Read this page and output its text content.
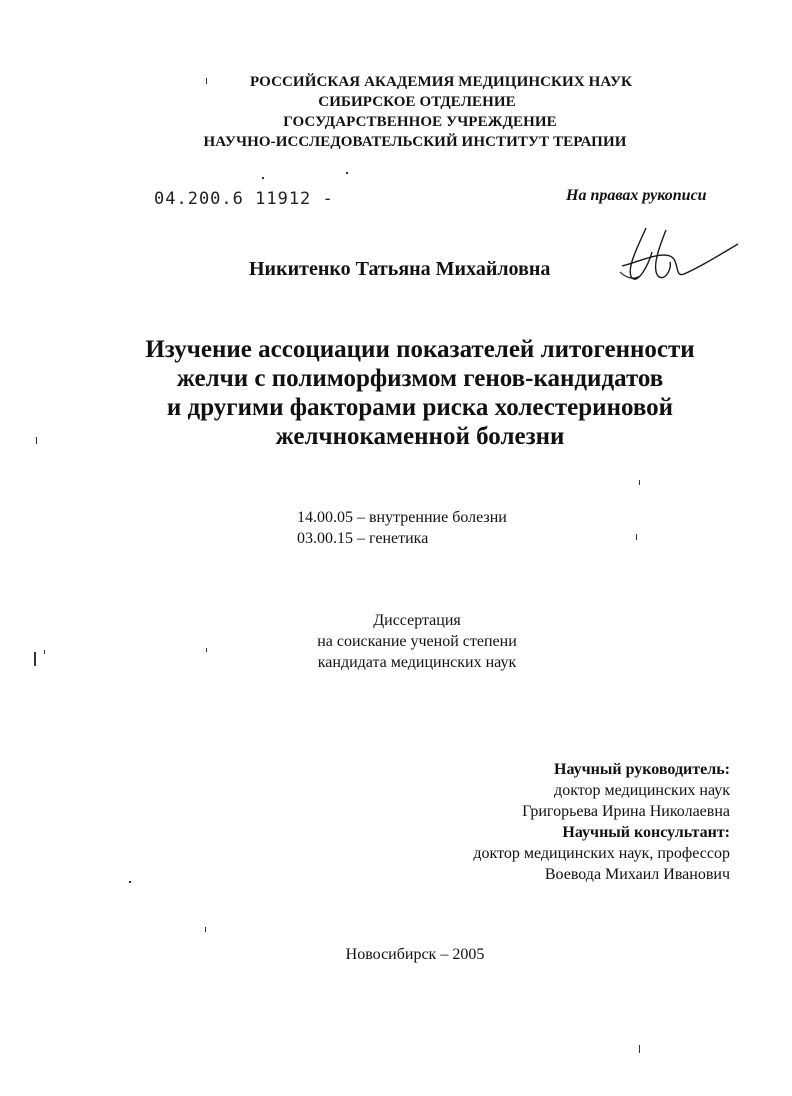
РОССИЙСКАЯ АКАДЕМИЯ МЕДИЦИНСКИХ НАУК
СИБИРСКОЕ ОТДЕЛЕНИЕ
ГОСУДАРСТВЕННОЕ УЧРЕЖДЕНИЕ
НАУЧНО-ИССЛЕДОВАТЕЛЬСКИЙ ИНСТИТУТ ТЕРАПИИ
04.200.6 11912 -	На правах рукописи
Никитенко Татьяна Михайловна
Изучение ассоциации показателей литогенности
желчи с полиморфизмом генов-кандидатов
и другими факторами риска холестериновой
желчнокаменной болезни
14.00.05 – внутренние болезни
03.00.15 – генетика
Диссертация
на соискание ученой степени
кандидата медицинских наук
Научный руководитель:
доктор медицинских наук
Григорьева Ирина Николаевна
Научный консультант:
доктор медицинских наук, профессор
Воевода Михаил Иванович
Новосибирск – 2005
